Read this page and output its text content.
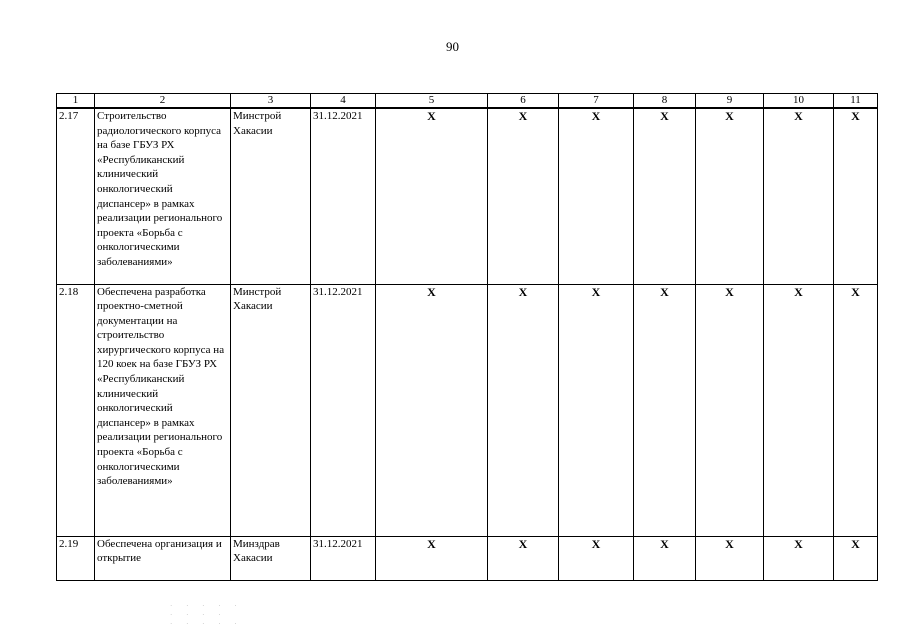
90
1	2	3	4	5	6	7	8	9	10	11
2.17	Строительство радиологического корпуса на базе ГБУЗ РХ «Республиканский клинический онкологический диспансер» в рамках реализации регионального проекта «Борьба с онкологическими заболеваниями»	Минстрой Хакасии	31.12.2021	Х	Х	Х	Х	Х	Х	Х
2.18	Обеспечена разработка проектно-сметной документации на строительство хирургического корпуса на 120 коек на базе ГБУЗ РХ «Республиканский клинический онкологический диспансер» в рамках реализации регионального проекта «Борьба с онкологическими заболеваниями»	Минстрой Хакасии	31.12.2021	Х	Х	Х	Х	Х	Х	Х
2.19	Обеспечена организация и открытие	Минздрав Хакасии	31.12.2021	Х	Х	Х	Х	Х	Х	Х
· · · · ·
· · · ·
· · · · ·
